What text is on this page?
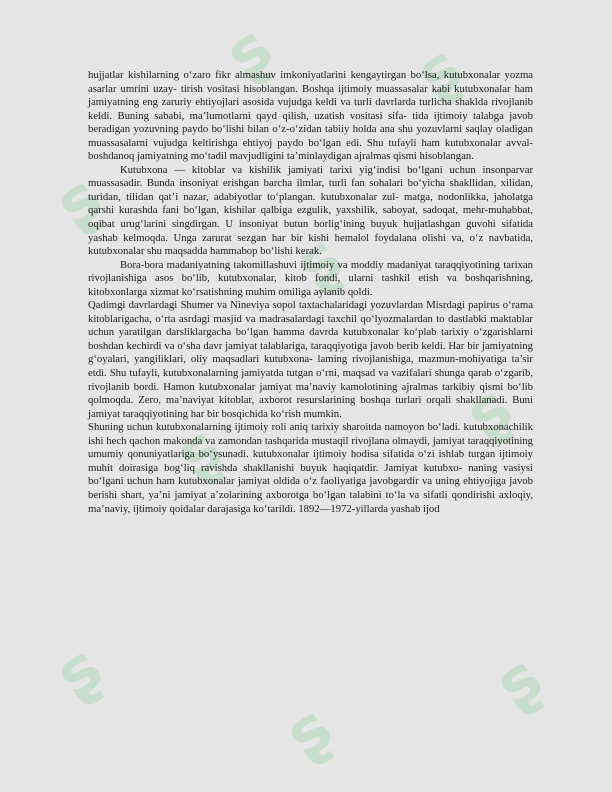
ʂ
ʂ
ʂ
ʂ
ʂ
ʂ
ʂ
ʂ
ʂ

hujjatlar kishilarning o‘zaro fikr almashuv imkoniyatlarini kengaytirgan bo‘lsa, kutubxonalar yozma asarlar umrini uzay- tirish vositasi hisoblangan. Boshqa ijtimoiy muassasalar kabi kutubxonalar ham jamiyatning eng zaruriy ehtiyojlari asosida vujudga keldi va turli davrlarda turlicha shaklda rivojlanib keldi. Buning sababi, ma’lumotlarni qayd qilish, uzatish vositasi sifa- tida ijtimoiy talabga javob beradigan yozuvning paydo bo‘lishi bilan o‘z-o‘zidan tabiiy holda ana shu yozuvlarni saqlay oladigan muassasalarni vujudga keltirishga ehtiyoj paydo bo‘lgan edi. Shu tufayli ham kutubxonalar avval-boshdanoq jamiyatning mo‘tadil mavjudligini ta’minlaydigan ajralmas qismi hisoblangan.

Kutubxona — kitoblar va kishilik jamiyati tarixi yig‘indisi bo‘lgani uchun insonparvar muassasadir. Bunda insoniyat erishgan barcha ilmlar, turli fan sohalari bo‘yicha shakllidan, xilidan, turidan, tilidan qat’i nazar, adabiyotlar to‘plangan. kutubxonalar zul- matga, nodonlikka, jaholatga qarshi kurashda fani bo‘lgan, kishilar qalbiga ezgulik, yaxshilik, saboyat, sadoqat, mehr-muhabbat, oqibat urug‘larini singdirgan. U insoniyat butun borlig‘ining buyuk hujjatlashgan guvohi sifatida yashab kelmoqda. Unga zarurat sezgan har bir kishi hemalol foydalana olishi va, o‘z navbatida, kutubxonalar shu maqsadda hammabop bo‘lishi kerak.

Bora-bora madaniyatning takomillashuvi ijtimoiy va moddiy madaniyat taraqqiyotining tarixan rivojlanishiga asos bo‘lib, kutubxonalar, kitob fondi, ularni tashkil etish va boshqarishning, kitobxonlarga xizmat ko‘rsatishning muhim omiliga aylanib qoldi.

Qadimgi davrlardagi Shumer va Nineviya sopol taxtachalaridagi yozuvlardan Misrdagi papirus o‘rama kitoblarigacha, o‘rta asrdagi masjid va madrasalardagi taxchil qo‘lyozmalardan to dastlabki maktablar uchun yaratilgan darsliklargacha bo‘lgan hamma davrda kutubxonalar ko‘plab tarixiy o‘zgarishlarni boshdan kechirdi va o‘sha davr jamiyat talablariga, taraqqiyotiga javob berib keldi. Har bir jamiyatning g‘oyalari, yangiliklari, oliy maqsadlari kutubxona- laming rivojlanishiga, mazmun-mohiyatiga ta’sir etdi. Shu tufayli, kutubxonalarning jamiyatda tutgan o‘rni, maqsad va vazifalari shunga qarab o‘zgarib, rivojlanib bordi. Hamon kutubxonalar jamiyat ma’naviy kamolotining ajralmas tarkibiy qismi bo‘lib qolmoqda. Zero, ma’naviyat kitoblar, axborot resurslarining boshqa turlari orqali shakllanadi. Buni jamiyat taraqqiyotining har bir bosqichida ko‘rish mumkin.

Shuning uchun kutubxonalarning ijtimoiy roli aniq tarixiy sharoitda namoyon bo‘ladi. kutubxonachilik ishi hech qachon makonda va zamondan tashqarida mustaqil rivojlana olmaydi, jamiyat taraqqiyotining umumiy qonuniyatlariga bo‘ysunadi. kutubxonalar ijtimoiy hodisa sifatida o‘zi ishlab turgan ijtimoiy muhit doirasiga bog‘liq ravishda shakllanishi buyuk haqiqatdir. Jamiyat kutubxo- naning vasiysi bo‘lgani uchun ham kutubxonalar jamiyat oldida o‘z faoliyatiga javobgardir va uning ehtiyojiga javob berishi shart, ya’ni jamiyat a’zolarining axborotga bo‘lgan talabini to‘la va sifatli qondirishi axloqiy, ma’naviy, ijtimoiy qoidalar darajasiga ko‘tarildi. 1892—1972-yillarda yashab ijod
